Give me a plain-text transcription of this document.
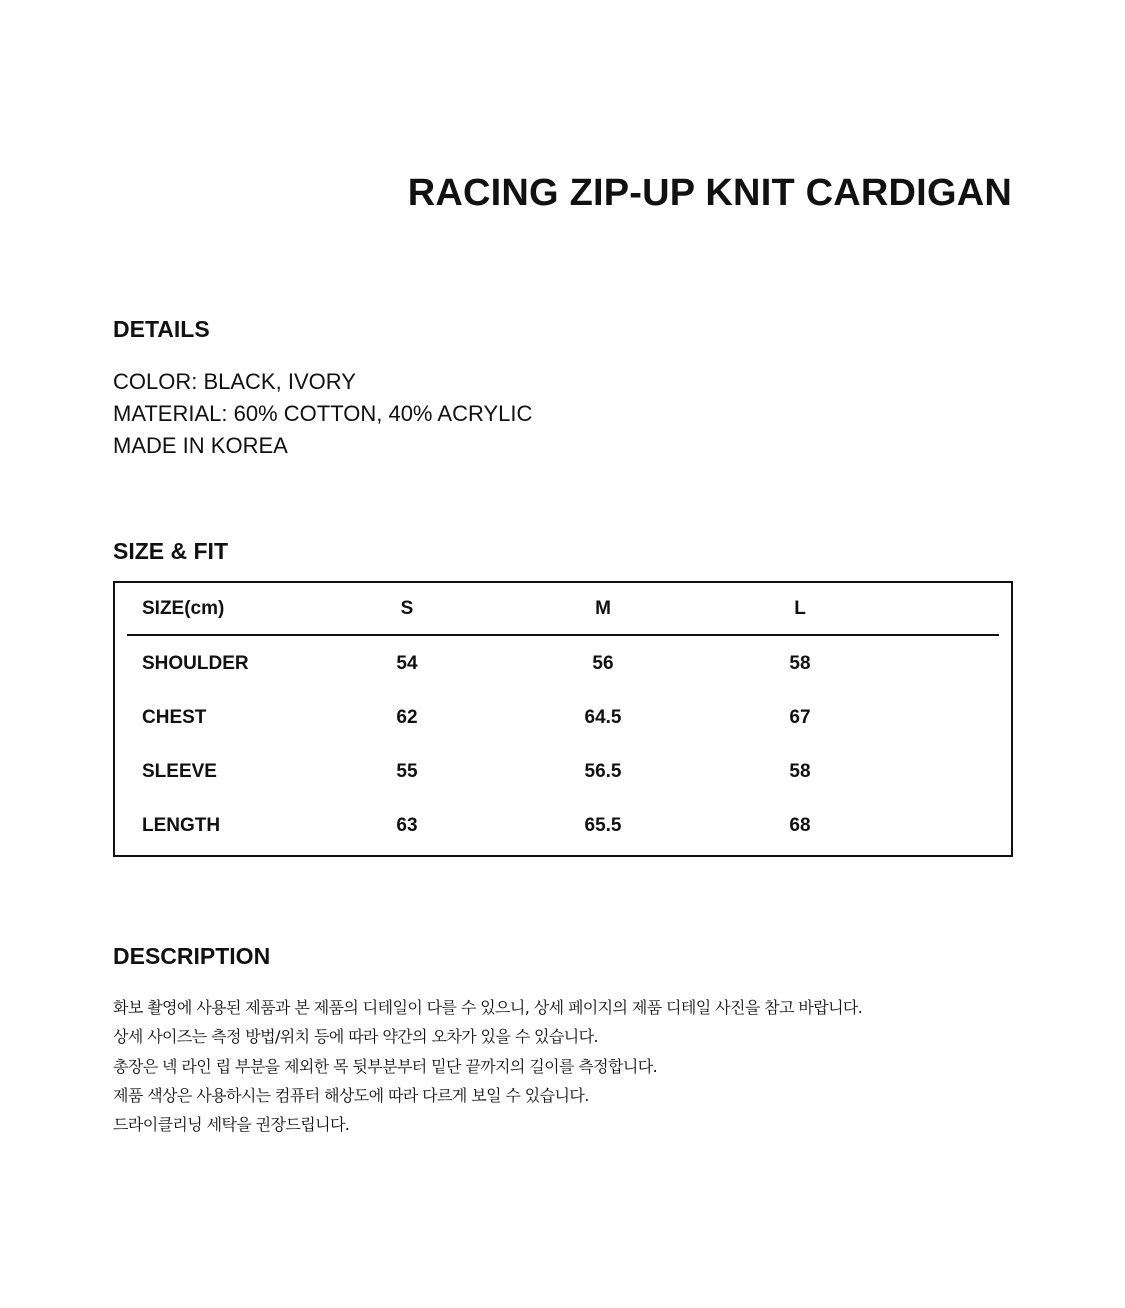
RACING ZIP-UP KNIT CARDIGAN
DETAILS
COLOR: BLACK, IVORY
MATERIAL: 60% COTTON, 40% ACRYLIC
MADE IN KOREA
SIZE & FIT
SIZE(cm)	S	M	L
SHOULDER	54	56	58
CHEST	62	64.5	67
SLEEVE	55	56.5	58
LENGTH	63	65.5	68
DESCRIPTION
화보 촬영에 사용된 제품과 본 제품의 디테일이 다를 수 있으니, 상세 페이지의 제품 디테일 사진을 참고 바랍니다.
상세 사이즈는 측정 방법/위치 등에 따라 약간의 오차가 있을 수 있습니다.
총장은 넥 라인 립 부분을 제외한 목 뒷부분부터 밑단 끝까지의 길이를 측정합니다.
제품 색상은 사용하시는 컴퓨터 해상도에 따라 다르게 보일 수 있습니다.
드라이클리닝 세탁을 권장드립니다.
